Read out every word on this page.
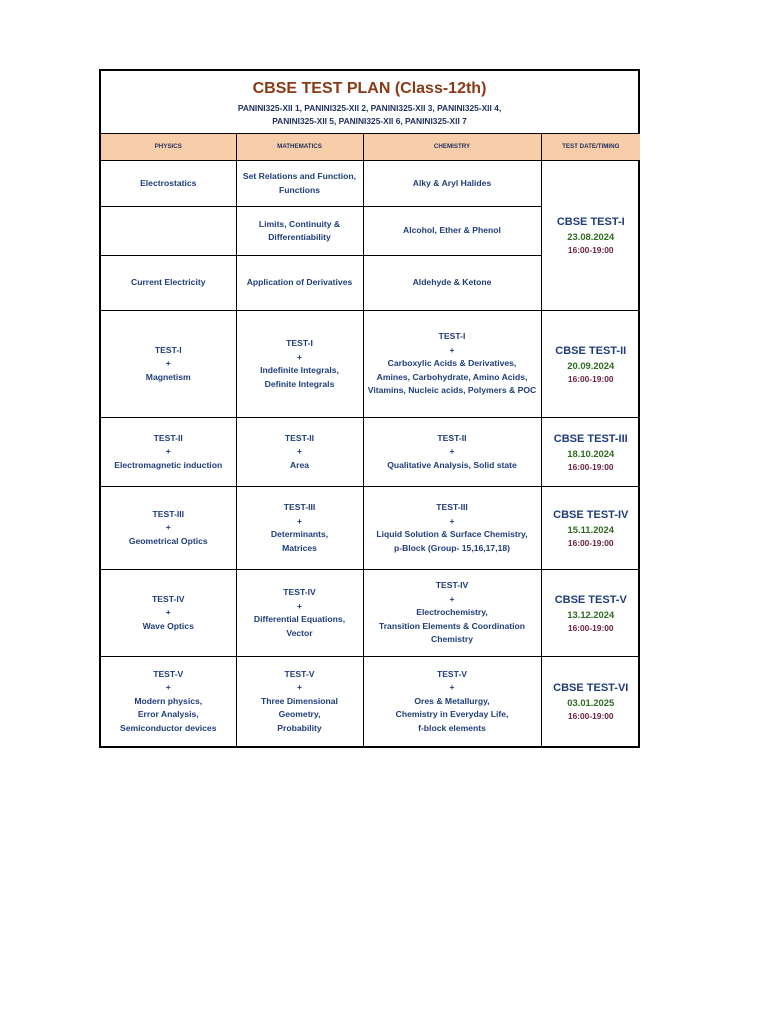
CBSE TEST PLAN (Class-12th)
PANINI325-XII 1, PANINI325-XII 2, PANINI325-XII 3, PANINI325-XII 4,
PANINI325-XII 5, PANINI325-XII 6, PANINI325-XII 7
PHYSICS	MATHEMATICS	CHEMISTRY	TEST DATE/TIMING

Electrostatics	Set Relations and Function,
Functions	Alky & Aryl Halides	CBSE TEST-I
23.08.2024
16:00-19:00

	Limits, Continuity &
Differentiability	Alcohol, Ether & Phenol	

Current Electricity	Application of Derivatives	Aldehyde & Ketone	

TEST-I
+
Magnetism	TEST-I
+
Indefinite Integrals,
Definite Integrals	TEST-I
+
Carboxylic Acids & Derivatives,
Amines, Carbohydrate, Amino Acids,
Vitamins, Nucleic acids, Polymers & POC	CBSE TEST-II
20.09.2024
16:00-19:00

TEST-II
+
Electromagnetic induction	TEST-II
+
Area	TEST-II
+
Qualitative Analysis, Solid state	CBSE TEST-III
18.10.2024
16:00-19:00

TEST-III
+
Geometrical Optics	TEST-III
+
Determinants,
Matrices	TEST-III
+
Liquid Solution & Surface Chemistry,
p-Block (Group- 15,16,17,18)	CBSE TEST-IV
15.11.2024
16:00-19:00

TEST-IV
+
Wave Optics	TEST-IV
+
Differential Equations,
Vector	TEST-IV
+
Electrochemistry,
Transition Elements & Coordination
Chemistry	CBSE TEST-V
13.12.2024
16:00-19:00

TEST-V
+
Modern physics,
Error Analysis,
Semiconductor devices	TEST-V
+
Three Dimensional
Geometry,
Probability	TEST-V
+
Ores & Metallurgy,
Chemistry in Everyday Life,
f-block elements	CBSE TEST-VI
03.01.2025
16:00-19:00
